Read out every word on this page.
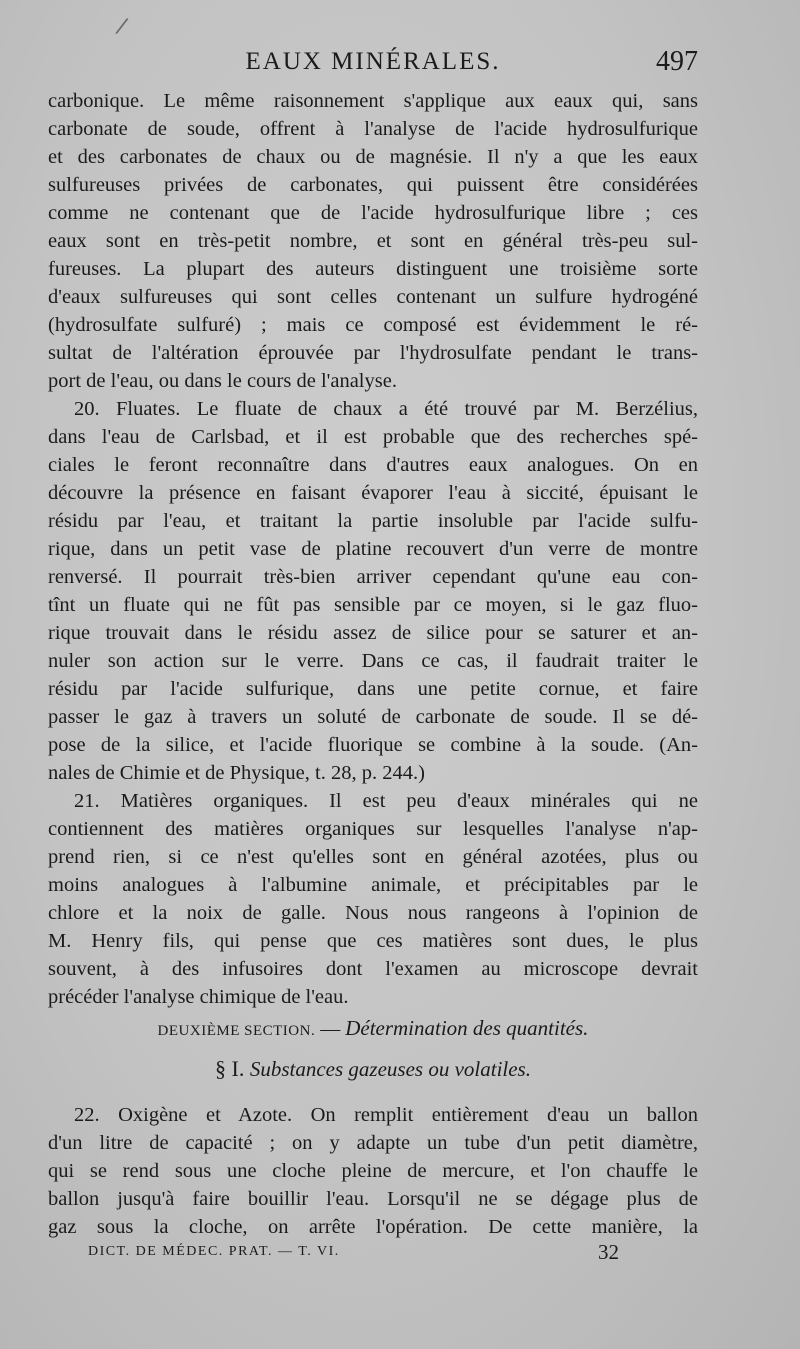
/
EAUX MINÉRALES.	497
carbonique. Le même raisonnement s'applique aux eaux qui, sans
carbonate de soude, offrent à l'analyse de l'acide hydrosulfurique
et des carbonates de chaux ou de magnésie. Il n'y a que les eaux
sulfureuses privées de carbonates, qui puissent être considérées
comme ne contenant que de l'acide hydrosulfurique libre ; ces
eaux sont en très-petit nombre, et sont en général très-peu sul-
fureuses. La plupart des auteurs distinguent une troisième sorte
d'eaux sulfureuses qui sont celles contenant un sulfure hydrogéné
(hydrosulfate sulfuré) ; mais ce composé est évidemment le ré-
sultat de l'altération éprouvée par l'hydrosulfate pendant le trans-
port de l'eau, ou dans le cours de l'analyse.
20. Fluates. Le fluate de chaux a été trouvé par M. Berzélius,
dans l'eau de Carlsbad, et il est probable que des recherches spé-
ciales le feront reconnaître dans d'autres eaux analogues. On en
découvre la présence en faisant évaporer l'eau à siccité, épuisant le
résidu par l'eau, et traitant la partie insoluble par l'acide sulfu-
rique, dans un petit vase de platine recouvert d'un verre de montre
renversé. Il pourrait très-bien arriver cependant qu'une eau con-
tînt un fluate qui ne fût pas sensible par ce moyen, si le gaz fluo-
rique trouvait dans le résidu assez de silice pour se saturer et an-
nuler son action sur le verre. Dans ce cas, il faudrait traiter le
résidu par l'acide sulfurique, dans une petite cornue, et faire
passer le gaz à travers un soluté de carbonate de soude. Il se dé-
pose de la silice, et l'acide fluorique se combine à la soude. (An-
nales de Chimie et de Physique, t. 28, p. 244.)
21. Matières organiques. Il est peu d'eaux minérales qui ne
contiennent des matières organiques sur lesquelles l'analyse n'ap-
prend rien, si ce n'est qu'elles sont en général azotées, plus ou
moins analogues à l'albumine animale, et précipitables par le
chlore et la noix de galle. Nous nous rangeons à l'opinion de
M. Henry fils, qui pense que ces matières sont dues, le plus
souvent, à des infusoires dont l'examen au microscope devrait
précéder l'analyse chimique de l'eau.
DEUXIÈME SECTION. — Détermination des quantités.
§ I. Substances gazeuses ou volatiles.
22. Oxigène et Azote. On remplit entièrement d'eau un ballon
d'un litre de capacité ; on y adapte un tube d'un petit diamètre,
qui se rend sous une cloche pleine de mercure, et l'on chauffe le
ballon jusqu'à faire bouillir l'eau. Lorsqu'il ne se dégage plus de
gaz sous la cloche, on arrête l'opération. De cette manière, la
DICT. DE MÉDEC. PRAT. — T. VI.	32
